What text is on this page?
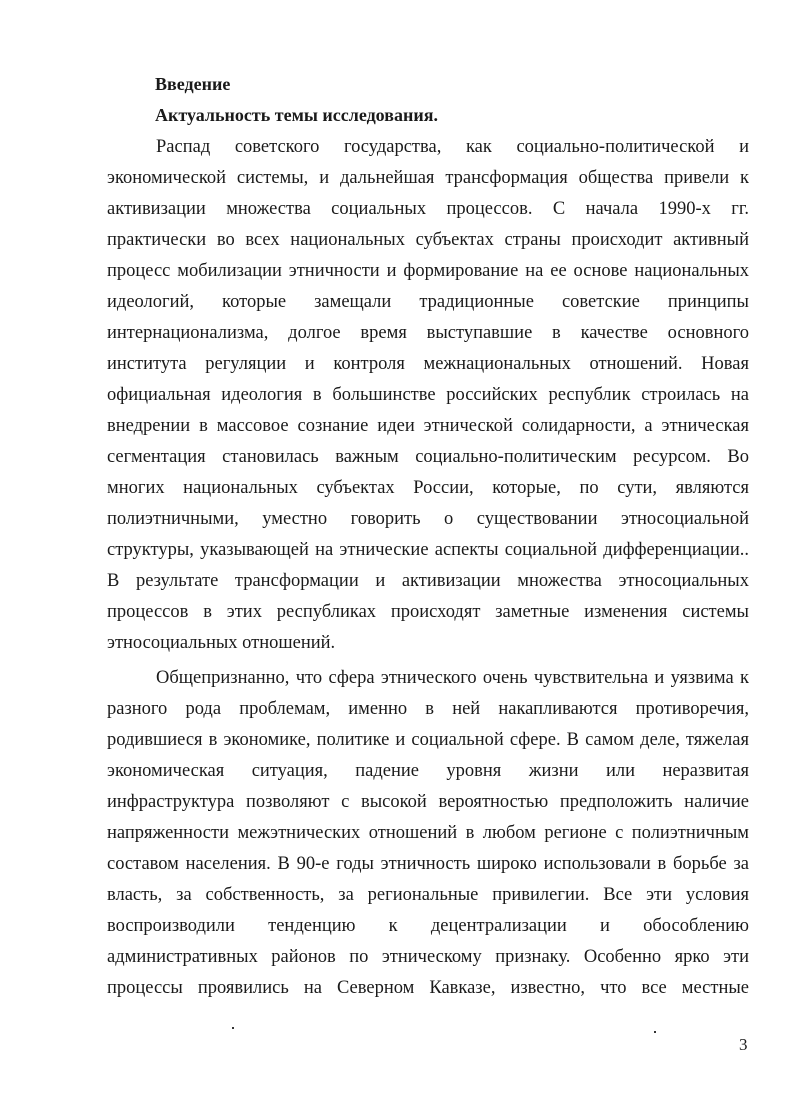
Введение
Актуальность темы исследования.
Распад советского государства, как социально-политической и
экономической системы, и дальнейшая трансформация общества привели к
активизации множества социальных процессов. С начала 1990-х гг.
практически во всех национальных субъектах страны происходит активный
процесс мобилизации этничности и формирование на ее основе национальных
идеологий, которые замещали традиционные советские принципы
интернационализма, долгое время выступавшие в качестве основного
института регуляции и контроля межнациональных отношений. Новая
официальная идеология в большинстве российских республик строилась на
внедрении в массовое сознание идеи этнической солидарности, а этническая
сегментация становилась важным социально-политическим ресурсом. Во
многих национальных субъектах России, которые, по сути, являются
полиэтничными, уместно говорить о существовании этносоциальной
структуры, указывающей на этнические аспекты социальной дифференциации..
В результате трансформации и активизации множества этносоциальных
процессов в этих республиках происходят заметные изменения системы
этносоциальных отношений.
Общепризнанно, что сфера этнического очень чувствительна и уязвима к
разного рода проблемам, именно в ней накапливаются противоречия,
родившиеся в экономике, политике и социальной сфере. В самом деле, тяжелая
экономическая ситуация, падение уровня жизни или неразвитая
инфраструктура позволяют с высокой вероятностью предположить наличие
напряженности межэтнических отношений в любом регионе с полиэтничным
составом населения. В 90-е годы этничность широко использовали в борьбе за
власть, за собственность, за региональные привилегии. Все эти условия
воспроизводили тенденцию к децентрализации и обособлению
административных районов по этническому признаку. Особенно ярко эти
процессы проявились на Северном Кавказе, известно, что все местные
3
